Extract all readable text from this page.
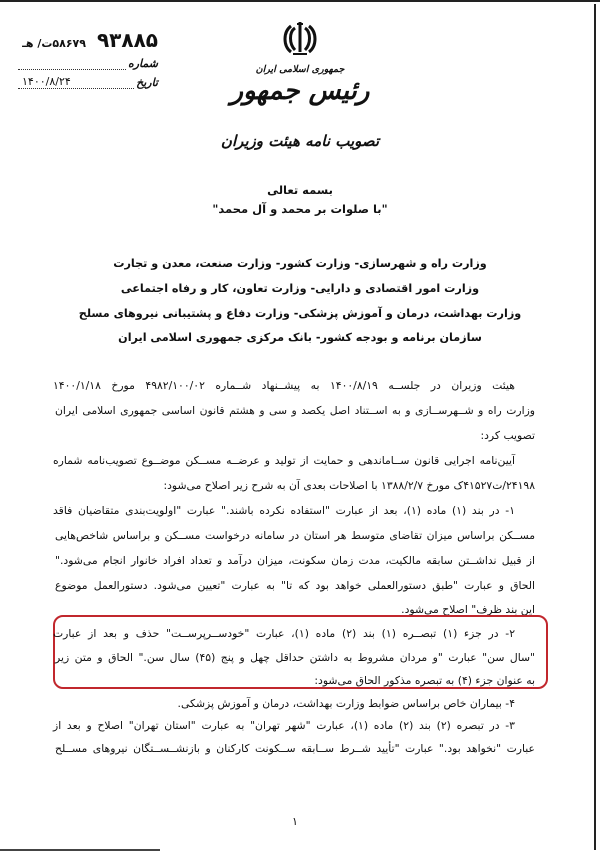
۹۳۸۸۵ ۵۸۶۷۹ت/ هـ
شماره
تاریخ
۱۴۰۰/۸/۲۴
جمهوری اسلامی ایران
رئیس جمهور
تصویب نامه هیئت وزیران
بسمه تعالی
"با صلوات بر محمد و آل محمد"
وزارت راه و شهرسازی- وزارت کشور- وزارت صنعت، معدن و تجارت
وزارت امور اقتصادی و دارایی- وزارت تعاون، کار و رفاه اجتماعی
وزارت بهداشت، درمان و آموزش پزشکی- وزارت دفاع و پشتیبانی نیروهای مسلح
سازمان برنامه و بودجه کشور- بانک مرکزی جمهوری اسلامی ایران
هیئت وزیران در جلســه ۱۴۰۰/۸/۱۹ به پیشــنهاد شــماره ۴۹۸۲/۱۰۰/۰۲ مورخ ۱۴۰۰/۱/۱۸
وزارت راه و شــهرســازی و به اســتناد اصل یکصد و سی و هشتم قانون اساسی جمهوری اسلامی ایران
تصویب کرد:
آیین‌نامه اجرایی قانون ســاماندهی و حمایت از تولید و عرضــه مســکن موضــوع تصویب‌نامه شماره
۲۴۱۹۸/ت۴۱۵۲۷ک مورخ ۱۳۸۸/۲/۷ با اصلاحات بعدی آن به شرح زیر اصلاح می‌شود:
۱- در بند (۱) ماده (۱)، بعد از عبارت "استفاده نکرده باشند." عبارت "اولویت‌بندی متقاضیان فاقد
مســکن براساس میزان تقاضای متوسط هر استان در سامانه درخواست مســکن و براساس شاخص‌هایی
از قبیل نداشــتن سابقه مالکیت، مدت زمان سکونت، میزان درآمد و تعداد افراد خانوار انجام می‌شود."
الحاق و عبارت "طبق دستورالعملی خواهد بود که تا" به عبارت "تعیین می‌شود. دستورالعمل موضوع
این بند ظرف" اصلاح می‌شود.
۲- در جزء (۱) تبصــره (۱) بند (۲) ماده (۱)، عبارت "خودســرپرســت" حذف و بعد از عبارت
"سال سن" عبارت "و مردان مشروط به داشتن حداقل چهل و پنج (۴۵) سال سن." الحاق و متن زیر
به عنوان جزء (۴) به تبصره مذکور الحاق می‌شود:
۴- بیماران خاص براساس ضوابط وزارت بهداشت، درمان و آموزش پزشکی.
۳- در تبصره (۲) بند (۲) ماده (۱)، عبارت "شهر تهران" به عبارت "استان تهران" اصلاح و بعد از
عبارت "نخواهد بود." عبارت "تأیید شــرط ســابقه ســکونت کارکنان و بازنشــســتگان نیروهای مســلح
۱
